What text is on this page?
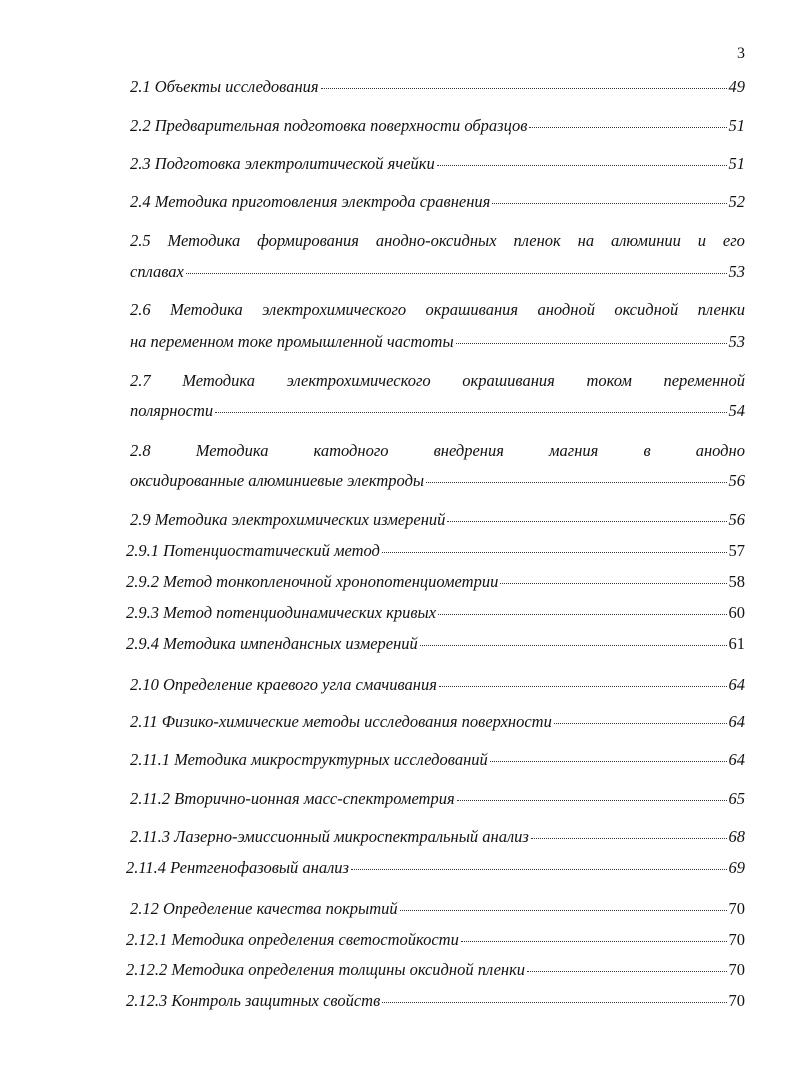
3
2.1 Объекты исследования	49
2.2 Предварительная подготовка поверхности образцов	51
2.3 Подготовка электролитической ячейки	51
2.4 Методика приготовления электрода сравнения	52
2.5 Методика формирования анодно-оксидных пленок на алюминии и его
сплавах	53
2.6 Методика электрохимического окрашивания анодной оксидной пленки
на переменном токе промышленной частоты	53
2.7 Методика электрохимического окрашивания током переменной
полярности	54
2.8	Методика	катодного	внедрения	магния	в	анодно
оксидированные алюминиевые электроды	56
2.9 Методика электрохимических измерений	56
2.9.1 Потенциостатический метод	57
2.9.2 Метод тонкопленочной хронопотенциометрии	58
2.9.3 Метод потенциодинамических кривых	60
2.9.4 Методика импендансных измерений	61
2.10 Определение краевого угла смачивания	64
2.11 Физико-химические методы исследования поверхности	64
2.11.1 Методика микроструктурных исследований	64
2.11.2 Вторично-ионная масс-спектрометрия	65
2.11.3 Лазерно-эмиссионный микроспектральный анализ	68
2.11.4 Рентгенофазовый анализ	69
2.12 Определение качества покрытий	70
2.12.1 Методика определения светостойкости	70
2.12.2 Методика определения толщины оксидной пленки	70
2.12.3 Контроль защитных свойств	70
